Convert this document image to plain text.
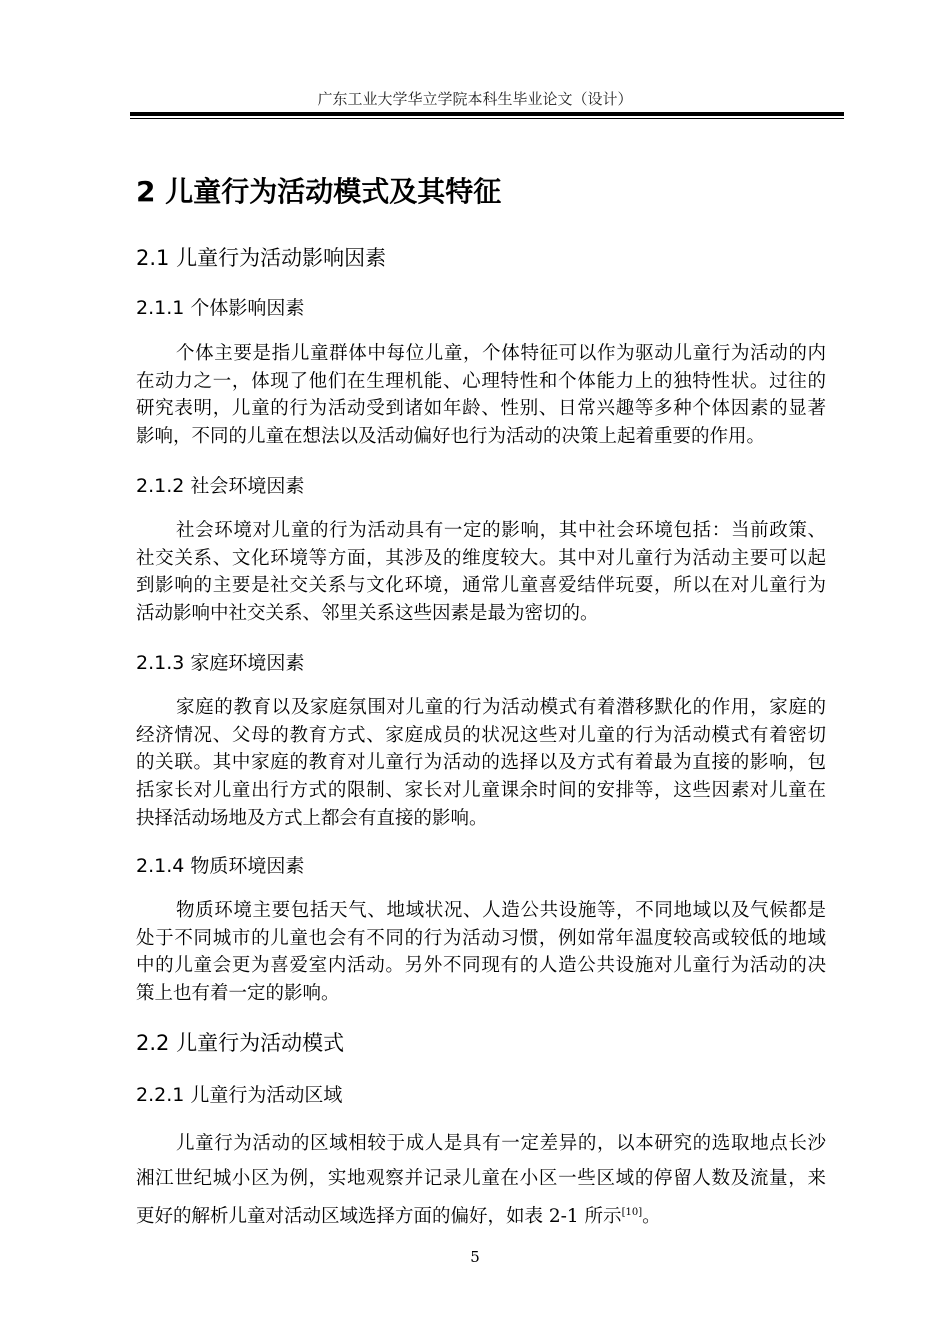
广东工业大学华立学院本科生毕业论文（设计）
2 儿童行为活动模式及其特征
2.1 儿童行为活动影响因素
2.1.1 个体影响因素
个体主要是指儿童群体中每位儿童，个体特征可以作为驱动儿童行为活动的内
在动力之一，体现了他们在生理机能、心理特性和个体能力上的独特性状。过往的
研究表明，儿童的行为活动受到诸如年龄、性别、日常兴趣等多种个体因素的显著
影响，不同的儿童在想法以及活动偏好也行为活动的决策上起着重要的作用。
2.1.2 社会环境因素
社会环境对儿童的行为活动具有一定的影响，其中社会环境包括：当前政策、
社交关系、文化环境等方面，其涉及的维度较大。其中对儿童行为活动主要可以起
到影响的主要是社交关系与文化环境，通常儿童喜爱结伴玩耍，所以在对儿童行为
活动影响中社交关系、邻里关系这些因素是最为密切的。
2.1.3 家庭环境因素
家庭的教育以及家庭氛围对儿童的行为活动模式有着潜移默化的作用，家庭的
经济情况、父母的教育方式、家庭成员的状况这些对儿童的行为活动模式有着密切
的关联。其中家庭的教育对儿童行为活动的选择以及方式有着最为直接的影响，包
括家长对儿童出行方式的限制、家长对儿童课余时间的安排等，这些因素对儿童在
抉择活动场地及方式上都会有直接的影响。
2.1.4 物质环境因素
物质环境主要包括天气、地域状况、人造公共设施等，不同地域以及气候都是
处于不同城市的儿童也会有不同的行为活动习惯，例如常年温度较高或较低的地域
中的儿童会更为喜爱室内活动。另外不同现有的人造公共设施对儿童行为活动的决
策上也有着一定的影响。
2.2 儿童行为活动模式
2.2.1 儿童行为活动区域
儿童行为活动的区域相较于成人是具有一定差异的，以本研究的选取地点长沙
湘江世纪城小区为例，实地观察并记录儿童在小区一些区域的停留人数及流量，来
更好的解析儿童对活动区域选择方面的偏好，如表 2-1 所示[10]。
5
